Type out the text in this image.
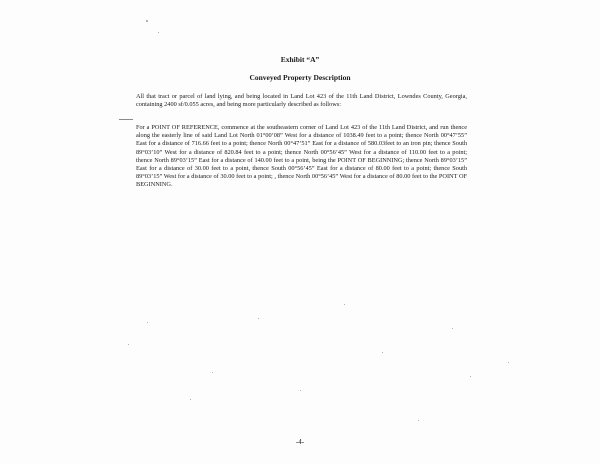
Exhibit “A”
Conveyed Property Description
All that tract or parcel of land lying, and being located in Land Lot 423 of the 11th Land District, Lowndes County, Georgia, containing 2400 sf/0.055 acres, and being more particularly described as follows:
For a POINT OF REFERENCE, commence at the southeastern corner of Land Lot 423 of the 11th Land District, and run thence along the easterly line of said Land Lot North 01°00’08” West for a distance of 1038.49 feet to a point; thence North 00°47’55” East for a distance of 716.66 feet to a point; thence North 00°47’51” East for a distance of 580.03feet to an iron pin; thence South 89°03’10” West for a distance of 820.84 feet to a point; thence North 00°56’45” West for a distance of 110.00 feet to a point; thence North 89°03’15” East for a distance of 140.00 feet to a point, being the POINT OF BEGINNING; thence North 89°03’15” East for a distance of 30.00 feet to a point, thence South 00°56’45” East for a distance of 80.00 feet to a point; thence South 89°03’15” West for a distance of 30.00 feet to a point; , thence North 00°56’45” West for a distance of 80.00 feet to the POINT OF BEGINNING.
-4-
